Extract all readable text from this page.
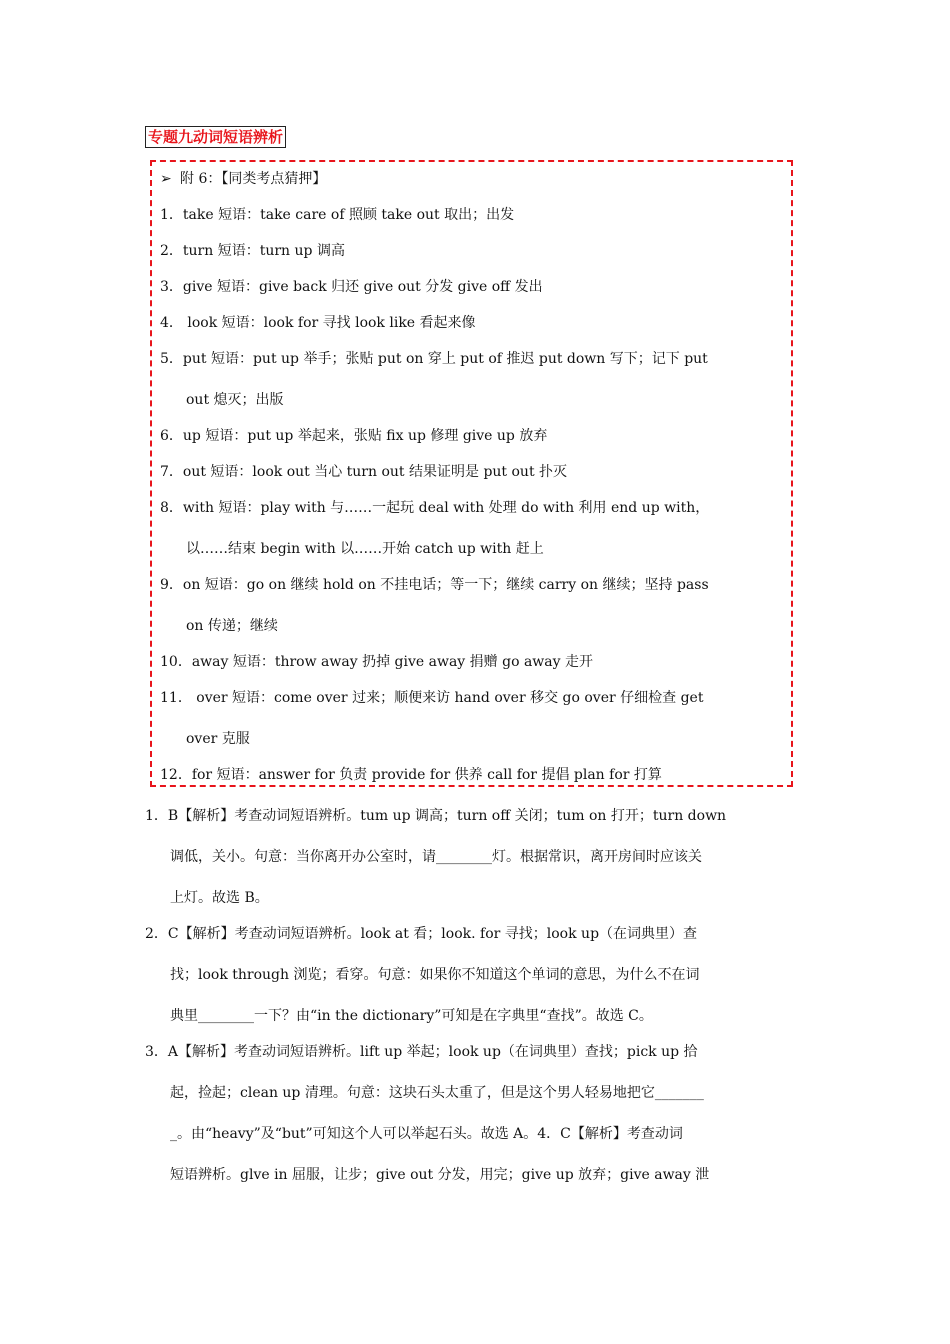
专题九动词短语辨析
➢ 附 6：【同类考点猜押】
1．take 短语：take care of 照顾 take out 取出；出发
2．turn 短语：turn up 调高
3．give 短语：give back 归还 give out 分发 give off 发出
4． look 短语：look for 寻找 look like 看起来像
5．put 短语：put up 举手；张贴 put on 穿上 put of 推迟 put down 写下；记下 put
out 熄灭；出版
6．up 短语：put up 举起来，张贴 fix up 修理 give up 放弃
7．out 短语：look out 当心 turn out 结果证明是 put out 扑灭
8．with 短语：play with 与……一起玩 deal with 处理 do with 利用 end up with，
以……结束 begin with 以……开始 catch up with 赶上
9．on 短语：go on 继续 hold on 不挂电话；等一下；继续 carry on 继续；坚持 pass
on 传递；继续
10．away 短语：throw away 扔掉 give away 捐赠 go away 走开
11． over 短语：come over 过来；顺便来访 hand over 移交 go over 仔细检查 get
over 克服
12．for 短语：answer for 负责 provide for 供养 call for 提倡 plan for 打算
1．B【解析】考查动词短语辨析。tum up 调高；turn off 关闭；tum on 打开；turn down
调低，关小。句意：当你离开办公室时，请________灯。根据常识，离开房间时应该关
上灯。故选 B。
2．C【解析】考查动词短语辨析。look at 看；look. for 寻找；look up（在词典里）查
找；look through 浏览；看穿。句意：如果你不知道这个单词的意思，为什么不在词
典里________一下？由“in the dictionary”可知是在字典里“查找”。故选 C。
3．A【解析】考查动词短语辨析。lift up 举起；look up（在词典里）查找；pick up 拾
起，捡起；clean up 清理。句意：这块石头太重了，但是这个男人轻易地把它_______
_。由“heavy”及“but”可知这个人可以举起石头。故选 A。4．C【解析】考查动词
短语辨析。glve in 屈服，让步；give out 分发，用完；give up 放弃；give away 泄
